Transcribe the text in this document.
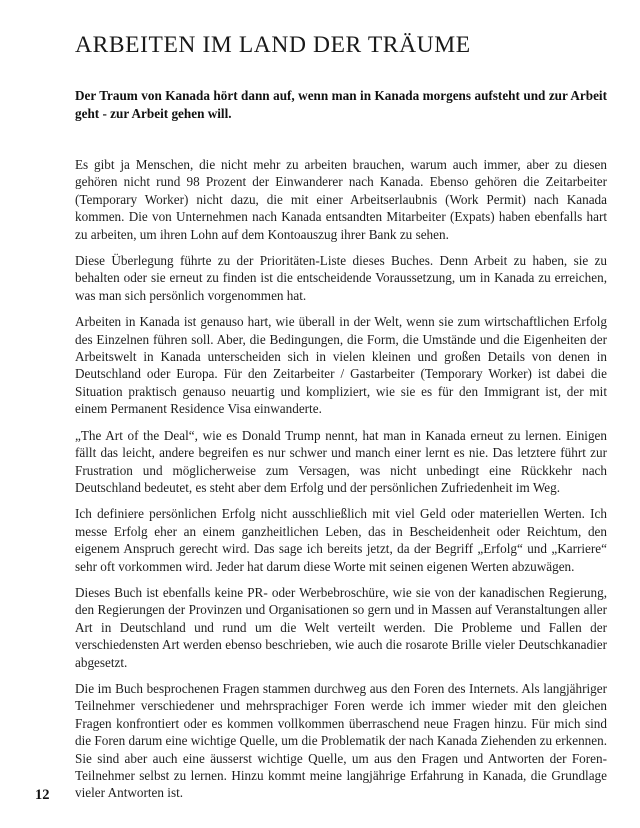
ARBEITEN IM LAND DER TRÄUME

Der Traum von Kanada hört dann auf, wenn man in Kanada morgens aufsteht und zur Arbeit geht - zur Arbeit gehen will.

Es gibt ja Menschen, die nicht mehr zu arbeiten brauchen, warum auch immer, aber zu diesen gehören nicht rund 98 Prozent der Einwanderer nach Kanada. Ebenso gehören die Zeitarbeiter (Temporary Worker) nicht dazu, die mit einer Arbeitserlaubnis (Work Permit) nach Kanada kommen. Die von Unternehmen nach Kanada entsandten Mitarbeiter (Expats) haben ebenfalls hart zu arbeiten, um ihren Lohn auf dem Kontoauszug ihrer Bank zu sehen.

Diese Überlegung führte zu der Prioritäten-Liste dieses Buches. Denn Arbeit zu haben, sie zu behalten oder sie erneut zu finden ist die entscheidende Voraussetzung, um in Kanada zu erreichen, was man sich persönlich vorgenommen hat.

Arbeiten in Kanada ist genauso hart, wie überall in der Welt, wenn sie zum wirtschaftlichen Erfolg des Einzelnen führen soll. Aber, die Bedingungen, die Form, die Umstände und die Eigenheiten der Arbeitswelt in Kanada unterscheiden sich in vielen kleinen und großen Details von denen in Deutschland oder Europa. Für den Zeitarbeiter / Gastarbeiter (Temporary Worker) ist dabei die Situation praktisch genauso neuartig und kompliziert, wie sie es für den Immigrant ist, der mit einem Permanent Residence Visa einwanderte.

„The Art of the Deal“, wie es Donald Trump nennt, hat man in Kanada erneut zu lernen. Einigen fällt das leicht, andere begreifen es nur schwer und manch einer lernt es nie. Das letztere führt zur Frustration und möglicherweise zum Versagen, was nicht unbedingt eine Rückkehr nach Deutschland bedeutet, es steht aber dem Erfolg und der persönlichen Zufriedenheit im Weg.

Ich definiere persönlichen Erfolg nicht ausschließlich mit viel Geld oder materiellen Werten. Ich messe Erfolg eher an einem ganzheitlichen Leben, das in Bescheidenheit oder Reichtum, den eigenem Anspruch gerecht wird. Das sage ich bereits jetzt, da der Begriff „Erfolg“ und „Karriere“ sehr oft vorkommen wird. Jeder hat darum diese Worte mit seinen eigenen Werten abzuwägen.

Dieses Buch ist ebenfalls keine PR- oder Werbebroschüre, wie sie von der kanadischen Regierung, den Regierungen der Provinzen und Organisationen so gern und in Massen auf Veranstaltungen aller Art in Deutschland und rund um die Welt verteilt werden. Die Probleme und Fallen der verschiedensten Art werden ebenso beschrieben, wie auch die rosarote Brille vieler Deutschkanadier abgesetzt.

Die im Buch besprochenen Fragen stammen durchweg aus den Foren des Internets. Als langjähriger Teilnehmer verschiedener und mehrsprachiger Foren werde ich immer wieder mit den gleichen Fragen konfrontiert oder es kommen vollkommen überraschend neue Fragen hinzu. Für mich sind die Foren darum eine wichtige Quelle, um die Problematik der nach Kanada Ziehenden zu erkennen. Sie sind aber auch eine äusserst wichtige Quelle, um aus den Fragen und Antworten der Foren-Teilnehmer selbst zu lernen. Hinzu kommt meine langjährige Erfahrung in Kanada, die Grundlage vieler Antworten ist.

12
